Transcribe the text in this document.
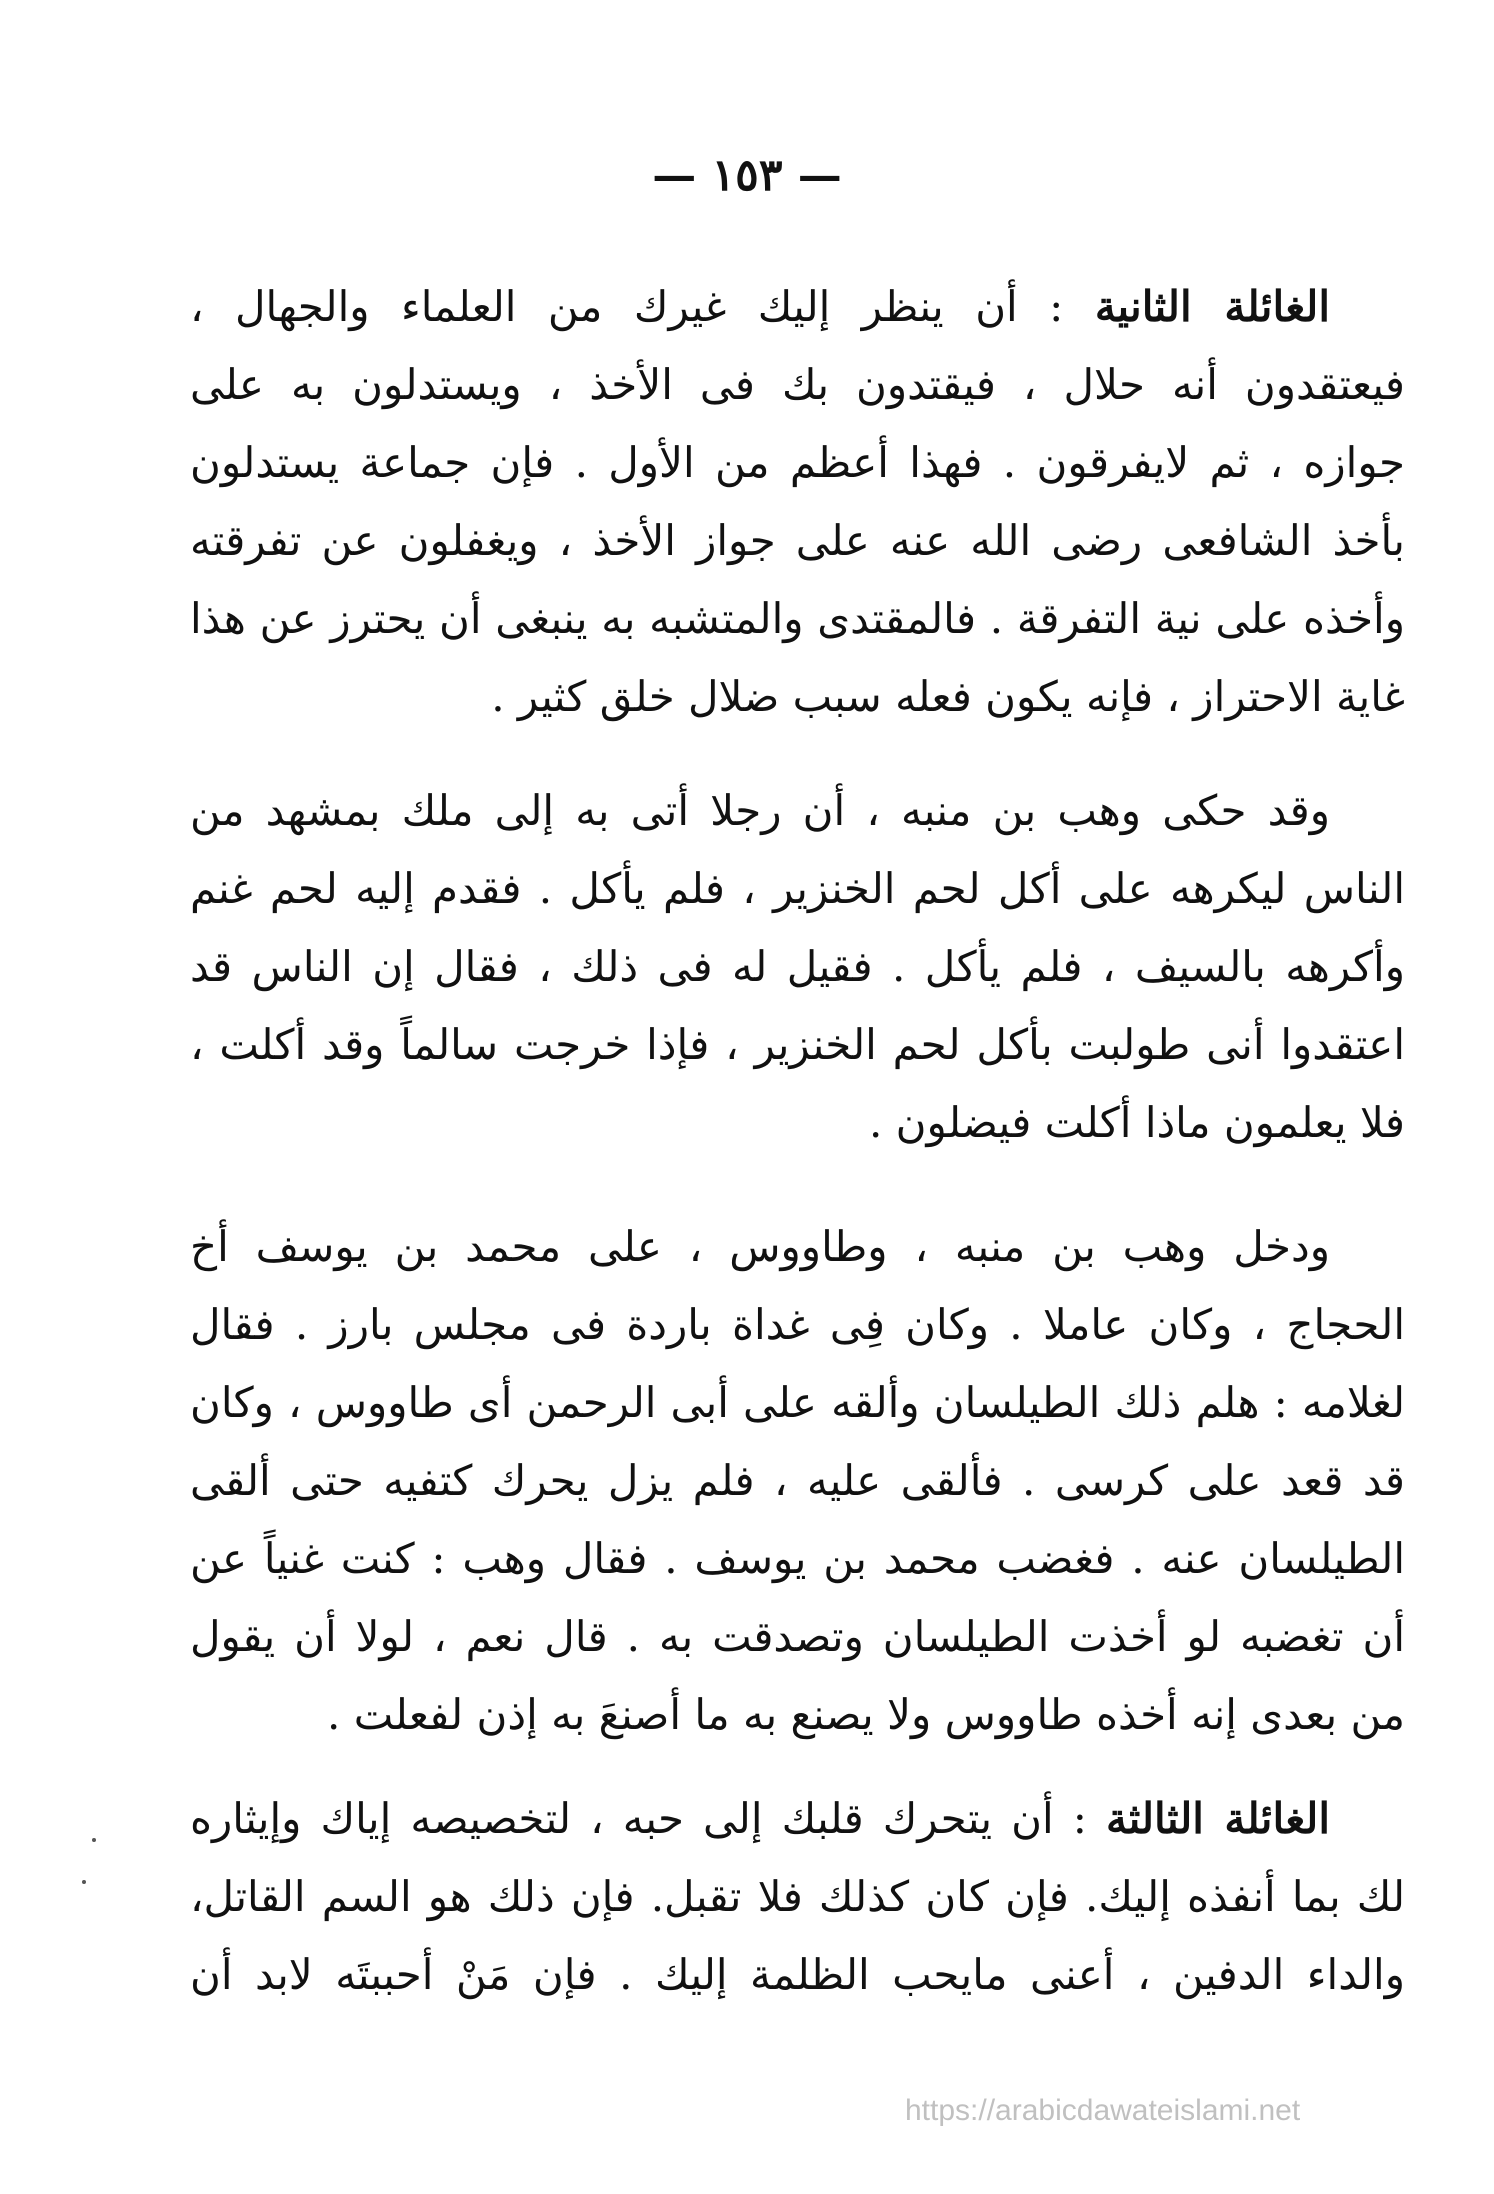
— ١٥٣ —
الغائلة الثانية : أن ينظر إليك غيرك من العلماء والجهال ،
فيعتقدون أنه حلال ، فيقتدون بك فى الأخذ ، ويستدلون به على
جوازه ، ثم لايفرقون . فهذا أعظم من الأول . فإن جماعة يستدلون
بأخذ الشافعى رضى الله عنه على جواز الأخذ ، ويغفلون عن تفرقته
وأخذه على نية التفرقة . فالمقتدى والمتشبه به ينبغى أن يحترز عن هذا
غاية الاحتراز ، فإنه يكون فعله سبب ضلال خلق كثير .
وقد حكى وهب بن منبه ، أن رجلا أتى به إلى ملك بمشهد من
الناس ليكرهه على أكل لحم الخنزير ، فلم يأكل . فقدم إليه لحم غنم
وأكرهه بالسيف ، فلم يأكل . فقيل له فى ذلك ، فقال إن الناس قد
اعتقدوا أنى طولبت بأكل لحم الخنزير ، فإذا خرجت سالماً وقد أكلت ،
فلا يعلمون ماذا أكلت فيضلون .
ودخل وهب بن منبه ، وطاووس ، على محمد بن يوسف أخ
الحجاج ، وكان عاملا . وكان فِى غداة باردة فى مجلس بارز . فقال
لغلامه : هلم ذلك الطيلسان وألقه على أبى الرحمن أى طاووس ، وكان
قد قعد على كرسى . فألقى عليه ، فلم يزل يحرك كتفيه حتى ألقى
الطيلسان عنه . فغضب محمد بن يوسف . فقال وهب : كنت غنياً عن
أن تغضبه لو أخذت الطيلسان وتصدقت به . قال نعم ، لولا أن يقول
من بعدى إنه أخذه طاووس ولا يصنع به ما أصنعَ به إذن لفعلت .
الغائلة الثالثة : أن يتحرك قلبك إلى حبه ، لتخصيصه إياك وإيثاره
لك بما أنفذه إليك. فإن كان كذلك فلا تقبل. فإن ذلك هو السم القاتل،
والداء الدفين ، أعنى مايحب الظلمة إليك . فإن مَنْ أحببتَه لابد أن
https://arabicdawateislami.net
